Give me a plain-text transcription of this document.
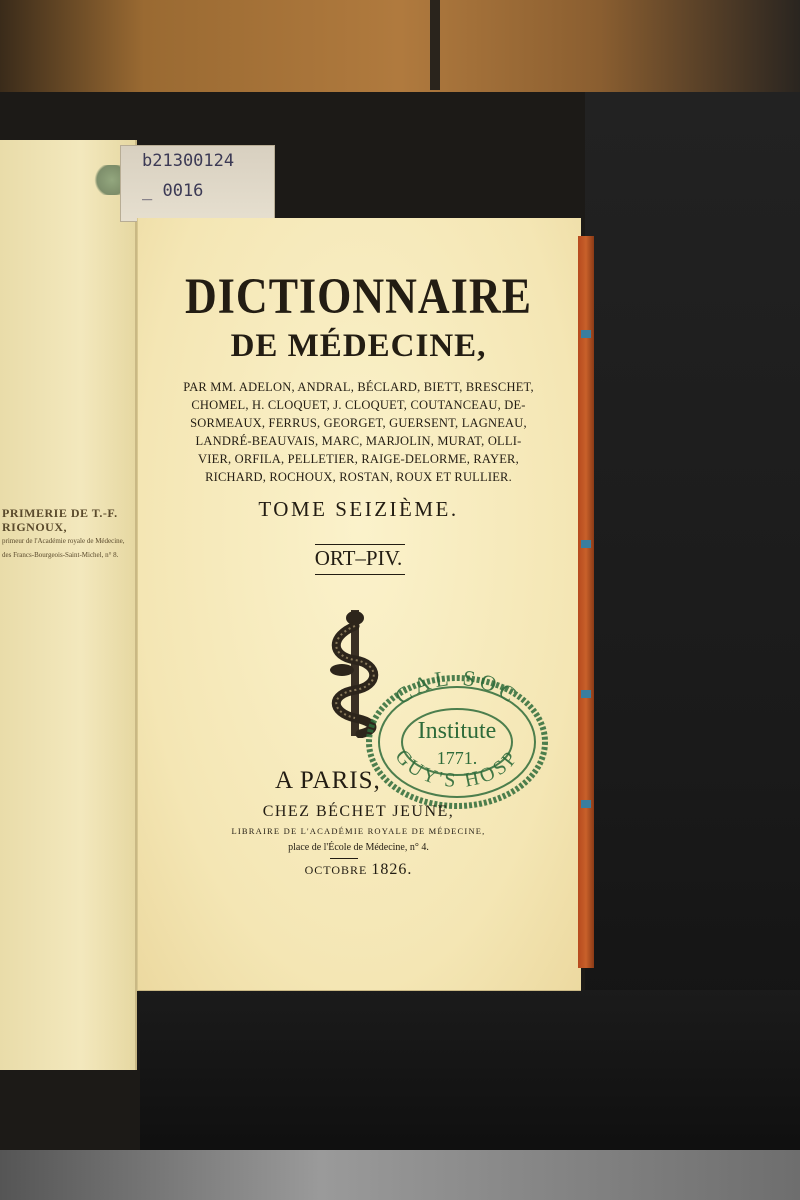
PRIMERIE DE T.-F. RIGNOUX,
primeur de l'Académie royale de Médecine,
des Francs-Bourgeois-Saint-Michel, n° 8.
b21300124
_ 0016
DICTIONNAIRE
DE MÉDECINE,
PAR MM. ADELON, ANDRAL, BÉCLARD, BIETT, BRESCHET,
CHOMEL, H. CLOQUET, J. CLOQUET, COUTANCEAU, DE-
SORMEAUX, FERRUS, GEORGET, GUERSENT, LAGNEAU,
LANDRÉ-BEAUVAIS, MARC, MARJOLIN, MURAT, OLLI-
VIER, ORFILA, PELLETIER, RAIGE-DELORME, RAYER,
RICHARD, ROCHOUX, ROSTAN, ROUX ET RULLIER.
TOME SEIZIÈME.
ORT–PIV.
CAL SOC
Institute
1771.
GUY'S HOSP
A PARIS,
CHEZ BÉCHET JEUNE,
LIBRAIRE DE L'ACADÉMIE ROYALE DE MÉDECINE,
place de l'École de Médecine, n° 4.
OCTOBRE 1826.
